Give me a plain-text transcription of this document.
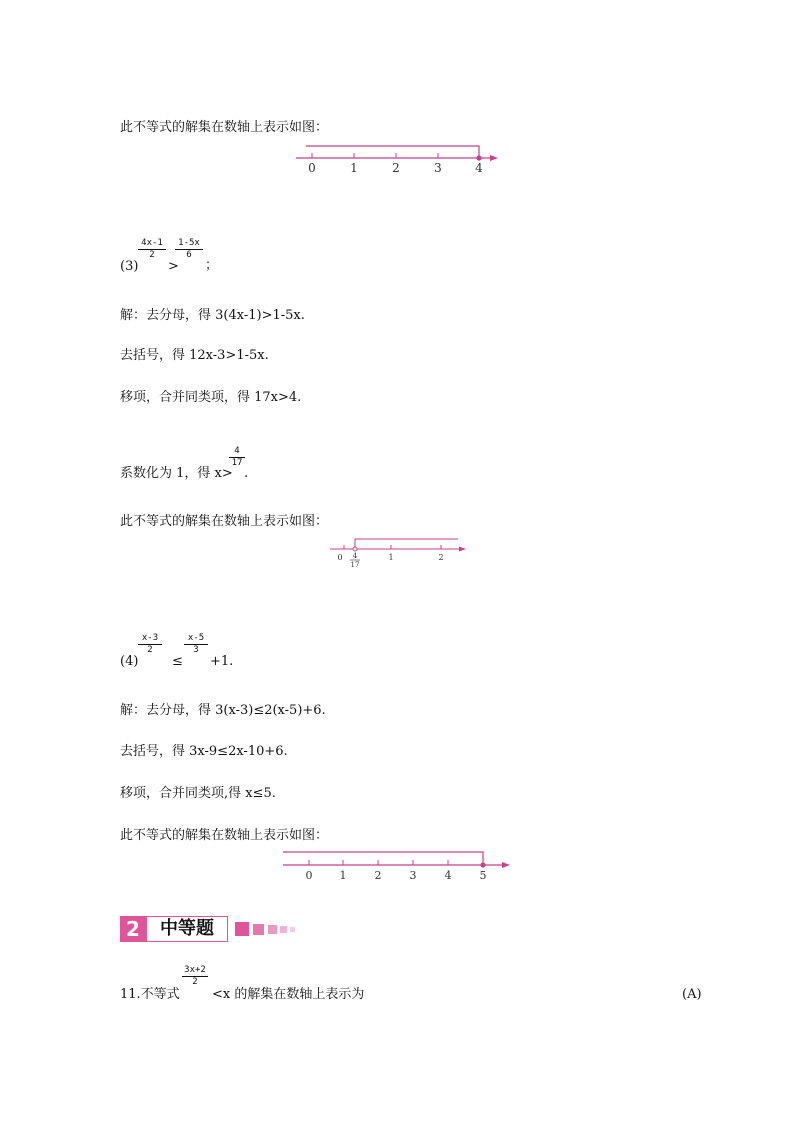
此不等式的解集在数轴上表示如图：
0	1	2	3	4
(3)
$\frac{4x-1}{2}$
>
$\frac{1-5x}{6}$
；
解：去分母，得 3(4x-1)>1-5x.
去括号，得 12x-3>1-5x.
移项，合并同类项，得 17x>4.
系数化为 1，得 x>
$\frac{4}{17}$
.
此不等式的解集在数轴上表示如图：
0 4
17
1	2
(4)
$\frac{x-3}{2}$
≤
$\frac{x-5}{3}$
+1.
解：去分母，得 3(x-3)≤2(x-5)+6.
去括号，得 3x-9≤2x-10+6.
移项，合并同类项,得 x≤5.
此不等式的解集在数轴上表示如图：
0 1	2	3	4	5
2	中等题
11.不等式
$\frac{3x+2}{2}$
<x 的解集在数轴上表示为	(A)
